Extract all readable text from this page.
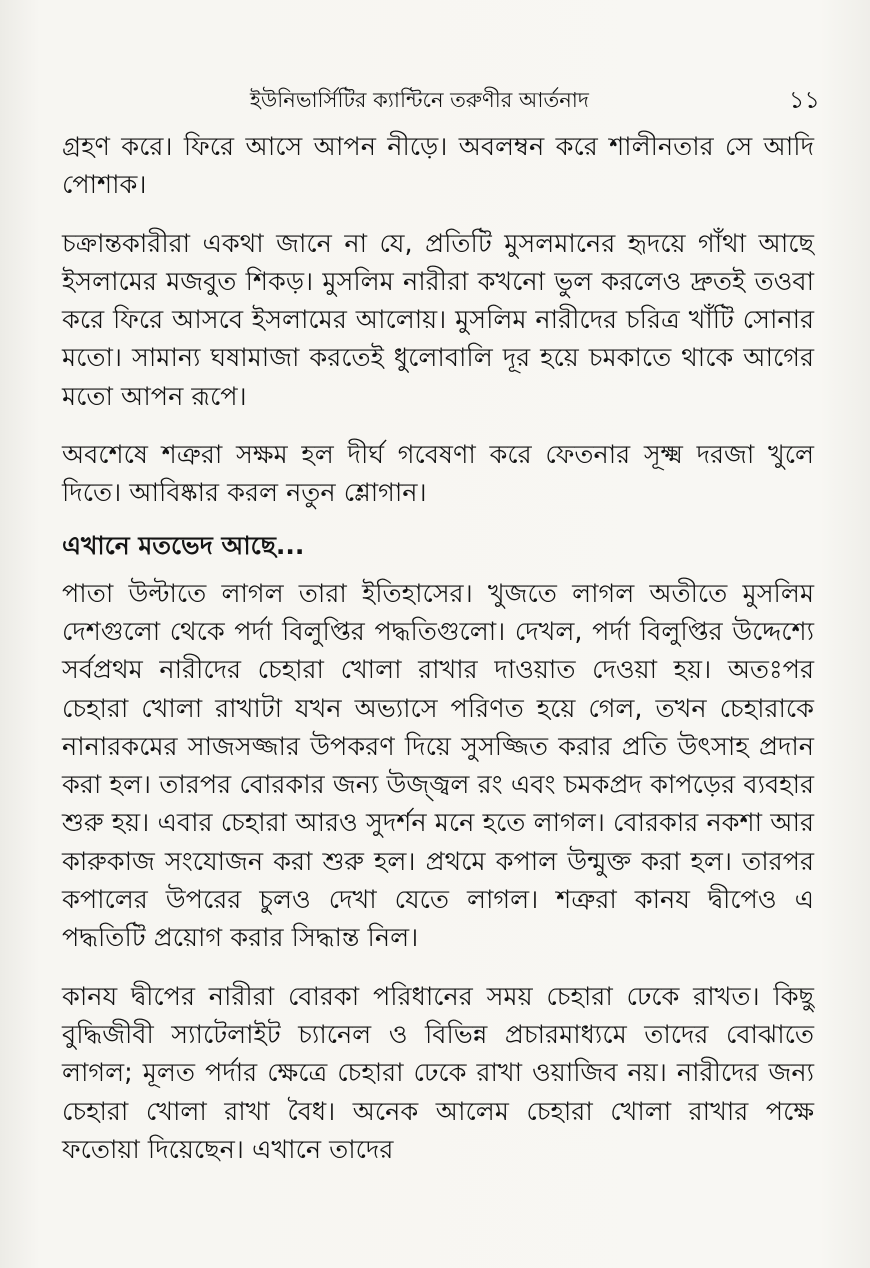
ইউনিভার্সিটির ক্যান্টিনে তরুণীর আর্তনাদ	১১

গ্রহণ করে। ফিরে আসে আপন নীড়ে। অবলম্বন করে শালীনতার সে আদি পোশাক।

চক্রান্তকারীরা একথা জানে না যে, প্রতিটি মুসলমানের হৃদয়ে গাঁথা আছে ইসলামের মজবুত শিকড়। মুসলিম নারীরা কখনো ভুল করলেও দ্রুতই তওবা করে ফিরে আসবে ইসলামের আলোয়। মুসলিম নারীদের চরিত্র খাঁটি সোনার মতো। সামান্য ঘষামাজা করতেই ধুলোবালি দূর হয়ে চমকাতে থাকে আগের মতো আপন রূপে।

অবশেষে শত্রুরা সক্ষম হল দীর্ঘ গবেষণা করে ফেতনার সূক্ষ্ম দরজা খুলে দিতে। আবিষ্কার করল নতুন শ্লোগান।

এখানে মতভেদ আছে...

পাতা উল্টাতে লাগল তারা ইতিহাসের। খুজতে লাগল অতীতে মুসলিম দেশগুলো থেকে পর্দা বিলুপ্তির পদ্ধতিগুলো। দেখল, পর্দা বিলুপ্তির উদ্দেশ্যে সর্বপ্রথম নারীদের চেহারা খোলা রাখার দাওয়াত দেওয়া হয়। অতঃপর চেহারা খোলা রাখাটা যখন অভ্যাসে পরিণত হয়ে গেল, তখন চেহারাকে নানারকমের সাজসজ্জার উপকরণ দিয়ে সুসজ্জিত করার প্রতি উৎসাহ প্রদান করা হল। তারপর বোরকার জন্য উজ্জ্বল রং এবং চমকপ্রদ কাপড়ের ব্যবহার শুরু হয়। এবার চেহারা আরও সুদর্শন মনে হতে লাগল। বোরকার নকশা আর কারুকাজ সংযোজন করা শুরু হল। প্রথমে কপাল উন্মুক্ত করা হল। তারপর কপালের উপরের চুলও দেখা যেতে লাগল। শত্রুরা কানয দ্বীপেও এ পদ্ধতিটি প্রয়োগ করার সিদ্ধান্ত নিল।

কানয দ্বীপের নারীরা বোরকা পরিধানের সময় চেহারা ঢেকে রাখত। কিছু বুদ্ধিজীবী স্যাটেলাইট চ্যানেল ও বিভিন্ন প্রচারমাধ্যমে তাদের বোঝাতে লাগল; মূলত পর্দার ক্ষেত্রে চেহারা ঢেকে রাখা ওয়াজিব নয়। নারীদের জন্য চেহারা খোলা রাখা বৈধ। অনেক আলেম চেহারা খোলা রাখার পক্ষে ফতোয়া দিয়েছেন। এখানে তাদের
